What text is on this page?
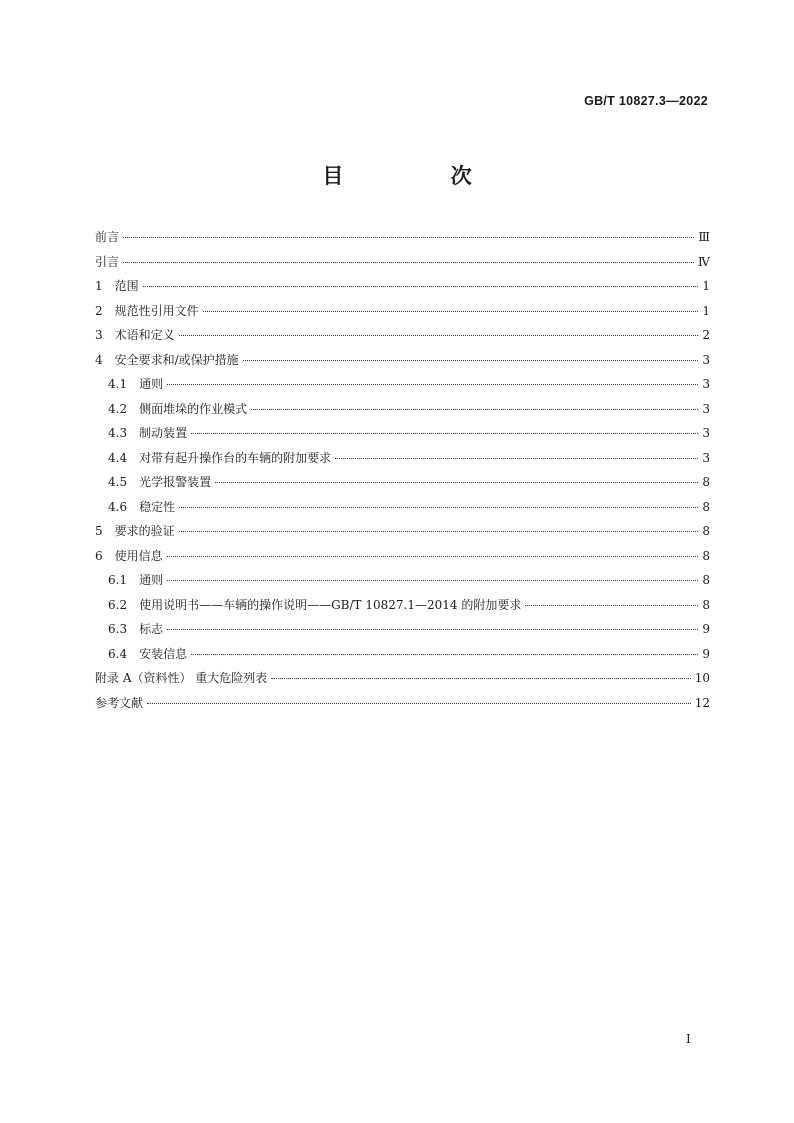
GB/T 10827.3—2022
目 次
前言	Ⅲ
引言	Ⅳ
1 范围	1
2 规范性引用文件	1
3 术语和定义	2
4 安全要求和/或保护措施	3
4.1 通则	3
4.2 侧面堆垛的作业模式	3
4.3 制动装置	3
4.4 对带有起升操作台的车辆的附加要求	3
4.5 光学报警装置	8
4.6 稳定性	8
5 要求的验证	8
6 使用信息	8
6.1 通则	8
6.2 使用说明书——车辆的操作说明——GB/T 10827.1—2014 的附加要求	8
6.3 标志	9
6.4 安装信息	9
附录 A（资料性） 重大危险列表	10
参考文献	12
I
